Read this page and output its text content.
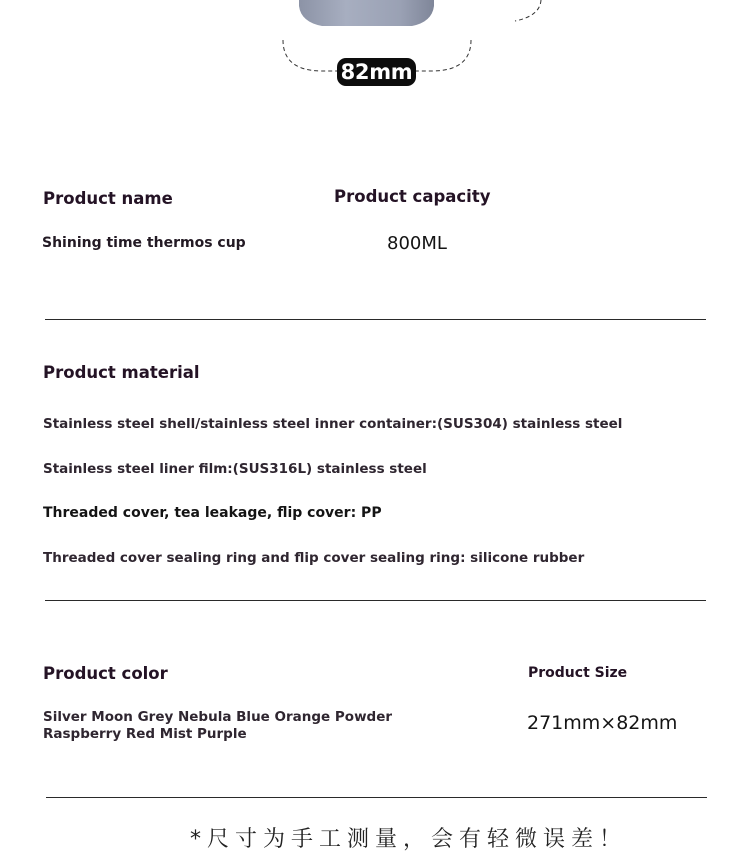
82mm
Product name	Product capacity
Shining time thermos cup	800ML
Product material
Stainless steel shell/stainless steel inner container:(SUS304) stainless steel
Stainless steel liner film:(SUS316L) stainless steel
Threaded cover, tea leakage, flip cover: PP
Threaded cover sealing ring and flip cover sealing ring: silicone rubber
Product color	Product Size
Silver Moon Grey Nebula Blue Orange Powder Raspberry Red Mist Purple	271mm×82mm
*尺寸为手工测量，会有轻微误差！
